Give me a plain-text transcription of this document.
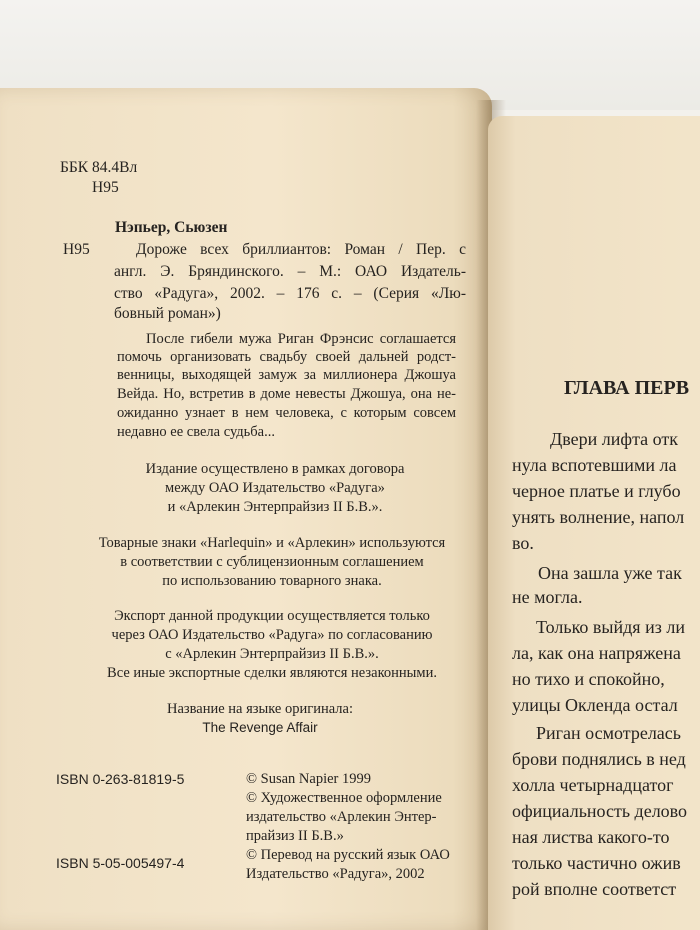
ББК 84.4Вл
Н95
Нэпьер, Сьюзен
Н95	Дороже всех бриллиантов: Роман / Пер. с
англ. Э. Бряндинского. – М.: ОАО Издатель-
ство «Радуга», 2002. – 176 с. – (Серия «Лю-
бовный роман»)
После гибели мужа Риган Фрэнсис соглашается
помочь организовать свадьбу своей дальней родст-
венницы, выходящей замуж за миллионера Джошуа
Вейда. Но, встретив в доме невесты Джошуа, она не-
ожиданно узнает в нем человека, с которым совсем
недавно ее свела судьба...
Издание осуществлено в рамках договора
между ОАО Издательство «Радуга»
и «Арлекин Энтерпрайзиз II Б.В.».
Товарные знаки «Harlequin» и «Арлекин» используются
в соответствии с сублицензионным соглашением
по использованию товарного знака.
Экспорт данной продукции осуществляется только
через ОАО Издательство «Радуга» по согласованию
с «Арлекин Энтерпрайзиз II Б.В.».
Все иные экспортные сделки являются незаконными.
Название на языке оригинала:
The Revenge Affair
ISBN 0-263-81819-5
ISBN 5-05-005497-4
© Susan Napier 1999
© Художественное оформление
издательство «Арлекин Энтер-
прайзиз II Б.В.»
© Перевод на русский язык ОАО
Издательство «Радуга», 2002
ГЛАВА ПЕРВ
Двери лифта отк
нула вспотевшими ла
черное платье и глубо
унять волнение, напол
во.
Она зашла уже так
не могла.
Только выйдя из ли
ла, как она напряжена
но тихо и спокойно,
улицы Окленда остал
Риган осмотрелась
брови поднялись в нед
холла четырнадцатог
официальность делово
ная листва какого-то
только частично ожив
рой вполне соответст
